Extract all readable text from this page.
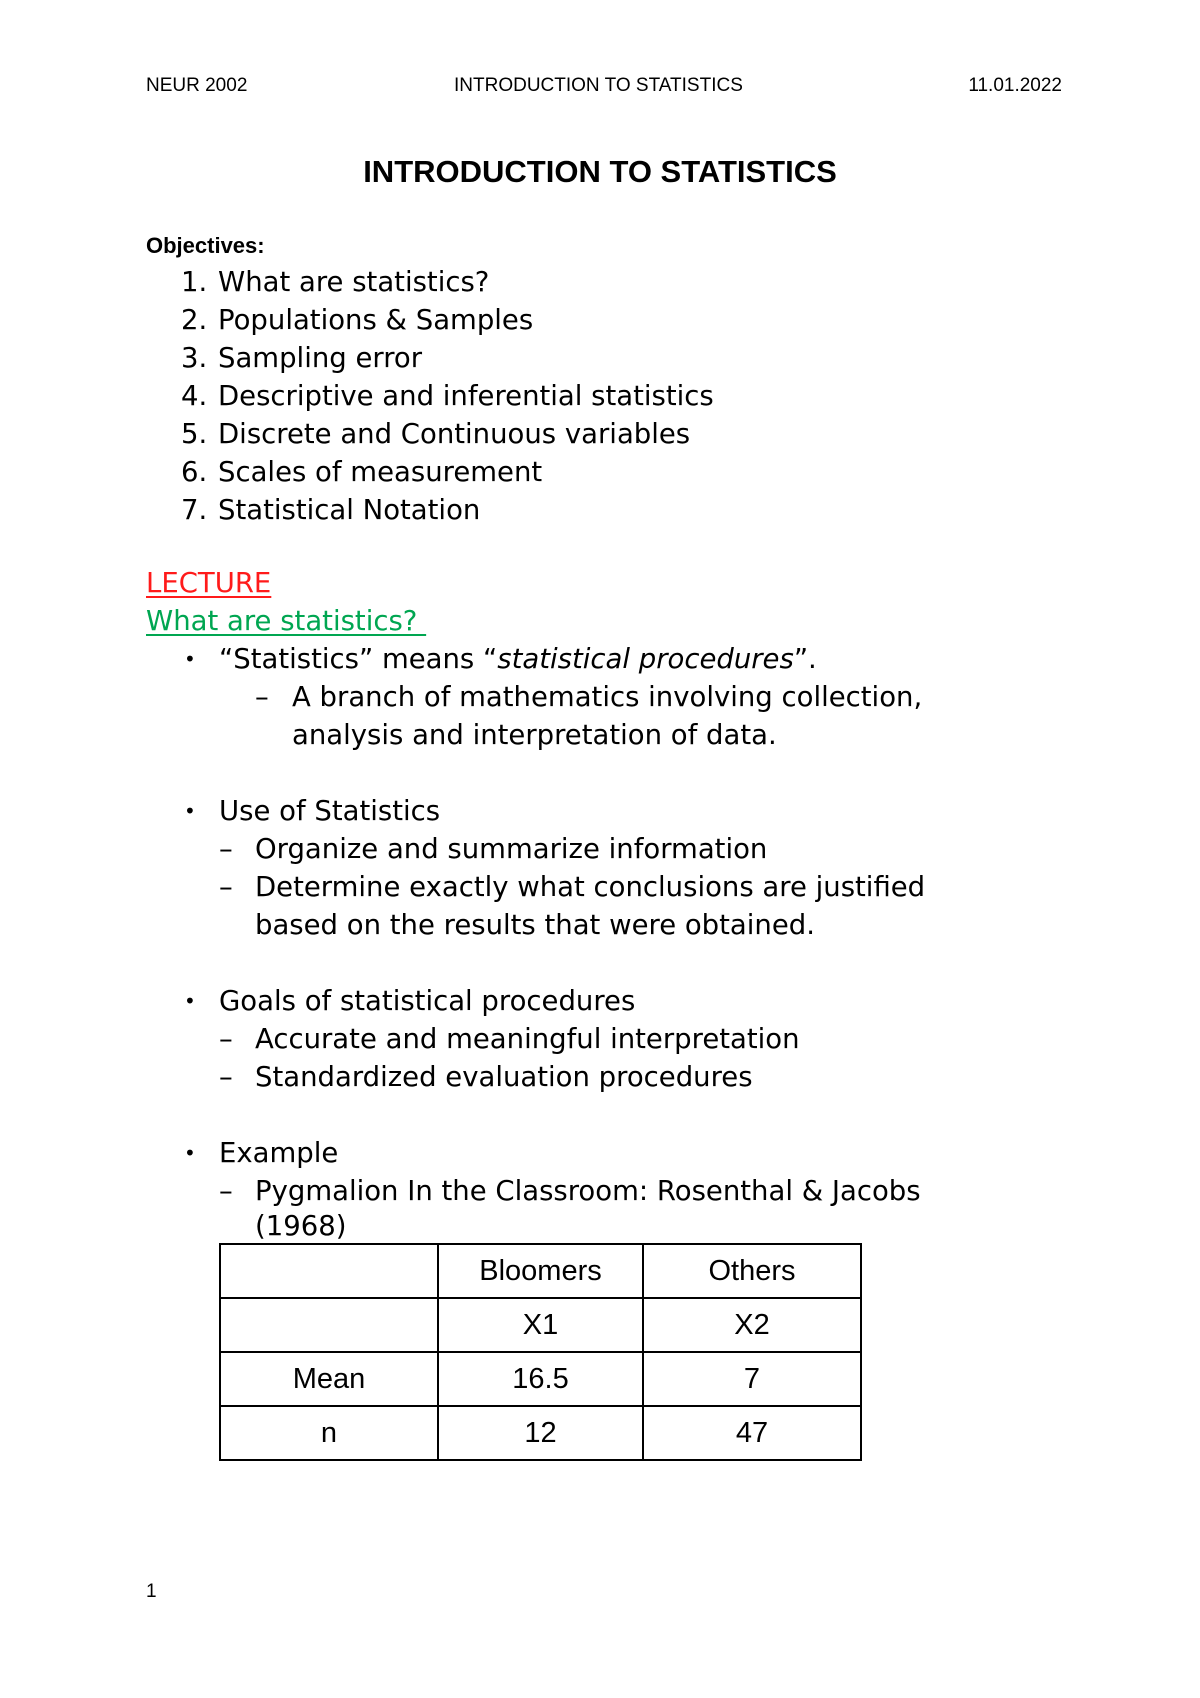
NEUR 2002	INTRODUCTION TO STATISTICS	11.01.2022
INTRODUCTION TO STATISTICS
Objectives:
1. What are statistics?
2. Populations & Samples
3. Sampling error
4. Descriptive and inferential statistics
5. Discrete and Continuous variables
6. Scales of measurement
7. Statistical Notation
LECTURE
What are statistics?
• “Statistics” means “statistical procedures”.
– A branch of mathematics involving collection,
analysis and interpretation of data.
• Use of Statistics
– Organize and summarize information
– Determine exactly what conclusions are justified
based on the results that were obtained.
• Goals of statistical procedures
– Accurate and meaningful interpretation
– Standardized evaluation procedures
• Example
– Pygmalion In the Classroom: Rosenthal & Jacobs
(1968)
	Bloomers	Others
	X1	X2
Mean	16.5	7
n	12	47
1
